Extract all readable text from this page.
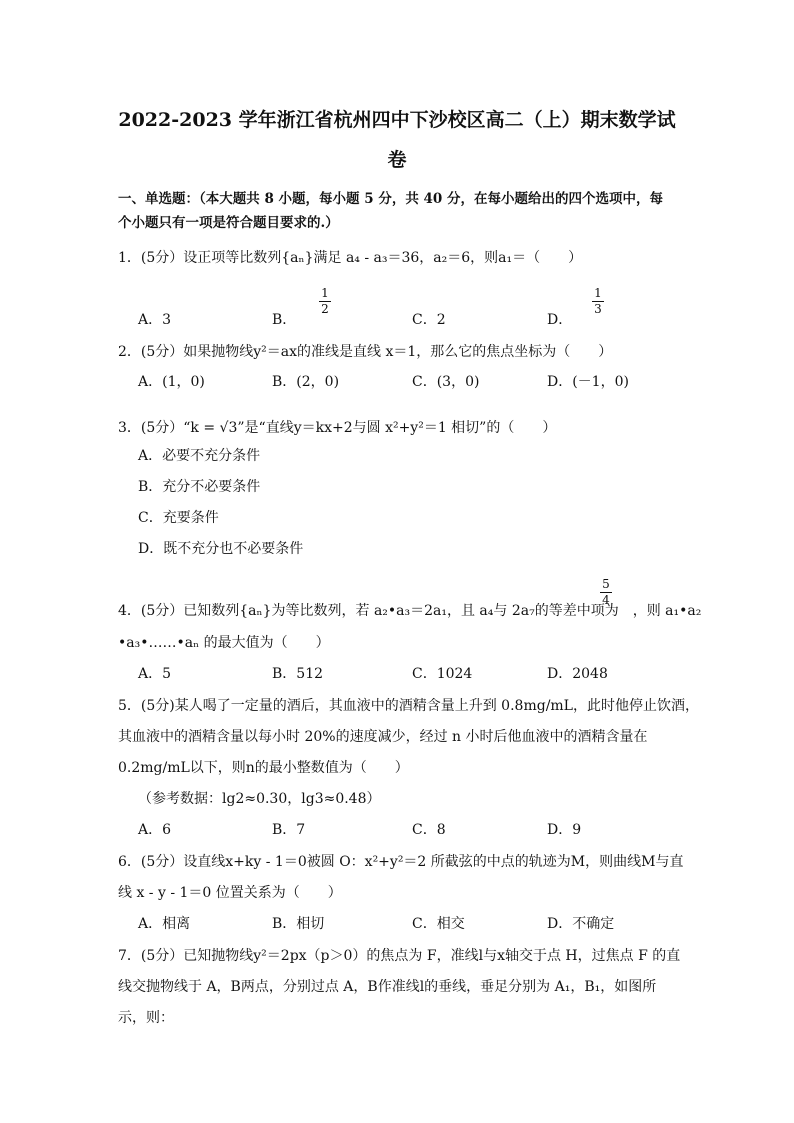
2022-2023 学年浙江省杭州四中下沙校区高二（上）期末数学试
卷
一、单选题：（本大题共 8 小题，每小题 5 分，共 40 分，在每小题给出的四个选项中，每
个小题只有一项是符合题目要求的.）
1．(5分）设正项等比数列{aₙ}满足 a₄ - a₃＝36，a₂＝6，则a₁＝（　　）
A．3	B．
1
2
C．2	D．
1
3
2．(5分）如果抛物线y²＝ax的准线是直线 x＝1，那么它的焦点坐标为（　　）
A．(1，0)	B．(2，0)	C．(3，0)	D．(－1，0)
3．(5分）“k = √3”是“直线y＝kx+2与圆 x²+y²＝1 相切”的（　　）
A．必要不充分条件
B．充分不必要条件
C．充要条件
D．既不充分也不必要条件
4．(5分）已知数列{aₙ}为等比数列，若 a₂•a₃＝2a₁，且 a₄与 2a₇的等差中项为 ，则 a₁•a₂
5
4
•a₃•……•aₙ 的最大值为（　　）
A．5	B．512	C．1024	D．2048
5．(5分)某人喝了一定量的酒后，其血液中的酒精含量上升到 0.8mg/mL，此时他停止饮酒，
其血液中的酒精含量以每小时 20%的速度减少，经过 n 小时后他血液中的酒精含量在
0.2mg/mL以下，则n的最小整数值为（　　）
（参考数据：lg2≈0.30，lg3≈0.48）
A．6	B．7	C．8	D．9
6．(5分）设直线x+ky - 1＝0被圆 O：x²+y²＝2 所截弦的中点的轨迹为M，则曲线M与直
线 x - y - 1＝0 位置关系为（　　）
A．相离	B．相切	C．相交	D．不确定
7．(5分）已知抛物线y²＝2px（p＞0）的焦点为 F，准线l与x轴交于点 H，过焦点 F 的直
线交抛物线于 A，B两点，分别过点 A，B作准线l的垂线，垂足分别为 A₁，B₁，如图所
示，则：
